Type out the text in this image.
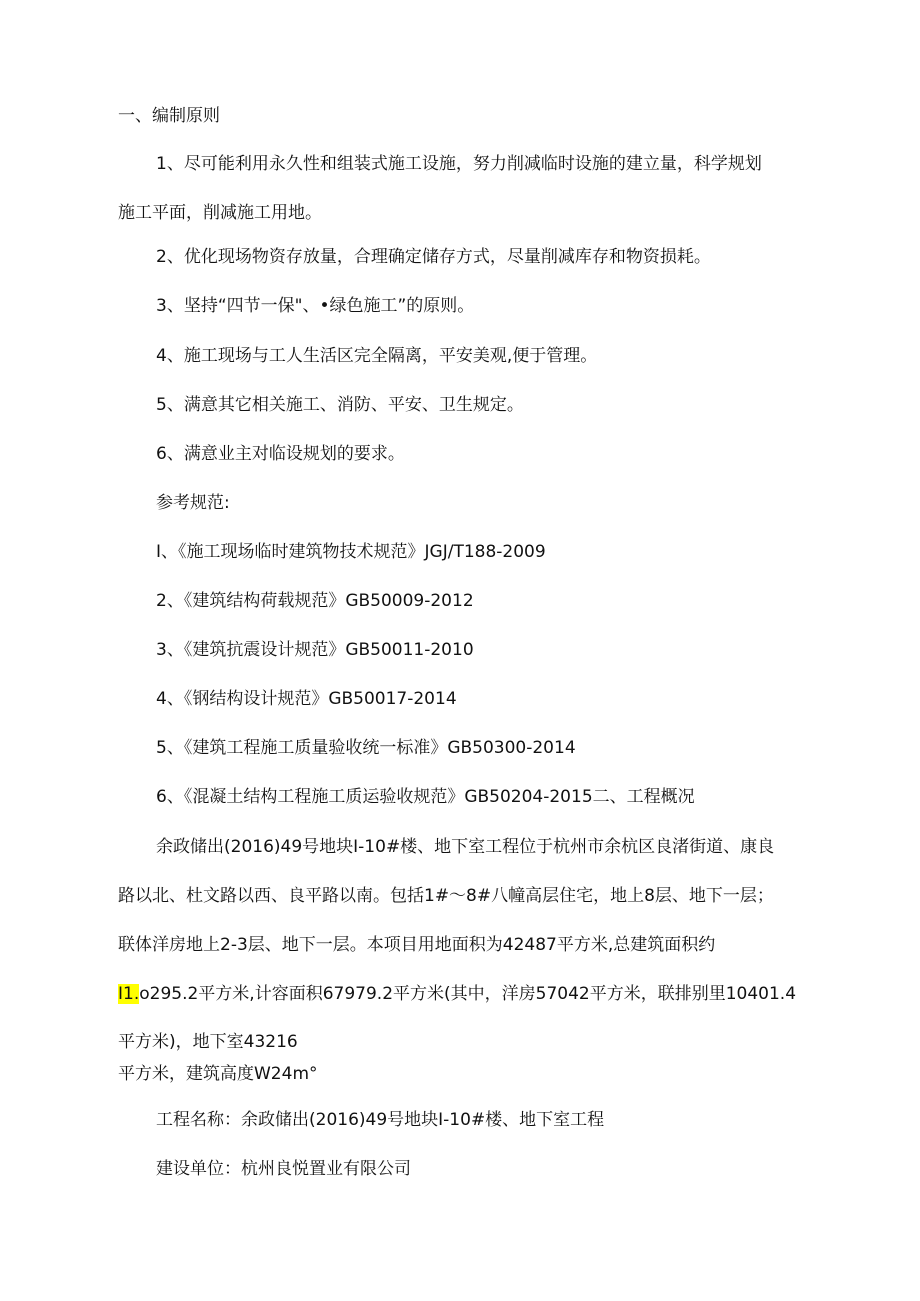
一、编制原则
1、尽可能利用永久性和组装式施工设施，努力削减临时设施的建立量，科学规划
施工平面，削减施工用地。
2、优化现场物资存放量，合理确定储存方式，尽量削减库存和物资损耗。
3、坚持“四节一保"、•绿色施工”的原则。
4、施工现场与工人生活区完全隔离，平安美观,便于管理。
5、满意其它相关施工、消防、平安、卫生规定。
6、满意业主对临设规划的要求。
参考规范:
I、《施工现场临时建筑物技术规范》JGJ/T188-2009
2、《建筑结构荷载规范》GB50009-2012
3、《建筑抗震设计规范》GB50011-2010
4、《钢结构设计规范》GB50017-2014
5、《建筑工程施工质量验收统一标准》GB50300-2014
6、《混凝土结构工程施工质运验收规范》GB50204-2015二、工程概况
余政储出(2016)49号地块I-10#楼、地下室工程位于杭州市余杭区良渚街道、康良
路以北、杜文路以西、良平路以南。包括1#～8#八幢高层住宅，地上8层、地下一层；
联体洋房地上2-3层、地下一层。本项目用地面积为42487平方米,总建筑面积约
I1.o295.2平方米,计容面积67979.2平方米(其中，洋房57042平方米，联排别里10401.4
平方米)，地下室43216
平方米，建筑高度W24m°
工程名称：余政储出(2016)49号地块I-10#楼、地下室工程
建设单位：杭州良悦置业有限公司
